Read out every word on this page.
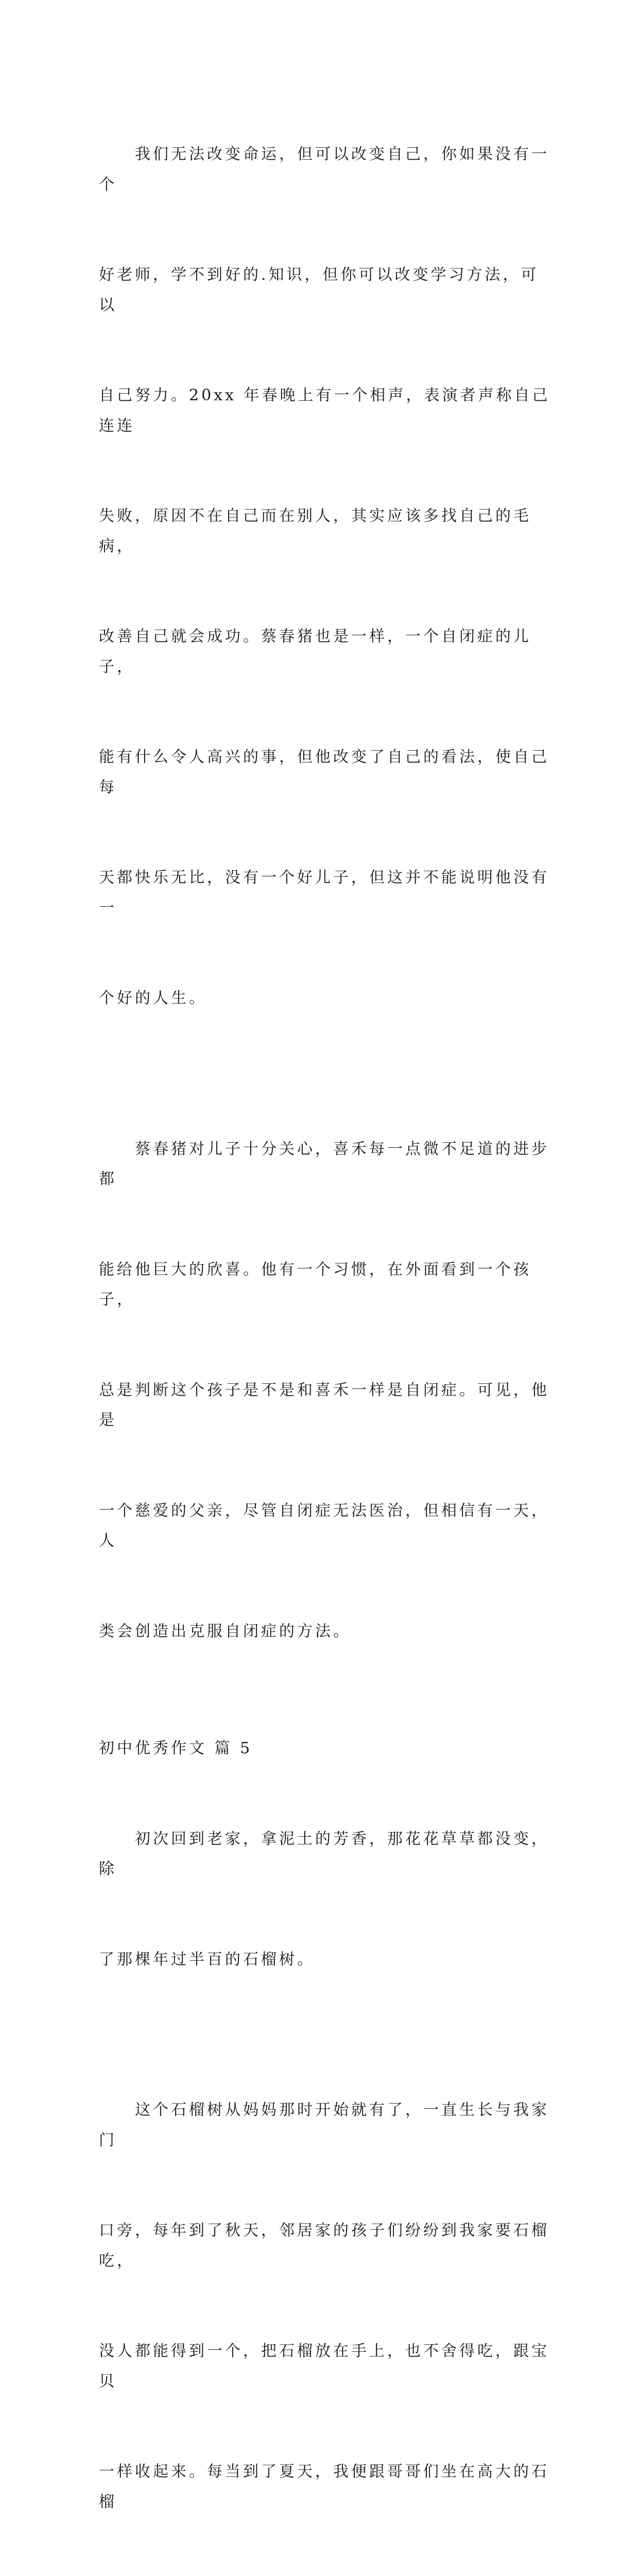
我们无法改变命运，但可以改变自己，你如果没有一个

好老师，学不到好的.知识，但你可以改变学习方法，可以

自己努力。20xx 年春晚上有一个相声，表演者声称自己连连

失败，原因不在自己而在别人，其实应该多找自己的毛病，

改善自己就会成功。蔡春猪也是一样，一个自闭症的儿子，

能有什么令人高兴的事，但他改变了自己的看法，使自己每

天都快乐无比，没有一个好儿子，但这并不能说明他没有一

个好的人生。

蔡春猪对儿子十分关心，喜禾每一点微不足道的进步都

能给他巨大的欣喜。他有一个习惯，在外面看到一个孩子，

总是判断这个孩子是不是和喜禾一样是自闭症。可见，他是

一个慈爱的父亲，尽管自闭症无法医治，但相信有一天，人

类会创造出克服自闭症的方法。

初中优秀作文 篇 5

初次回到老家，拿泥土的芳香，那花花草草都没变，除

了那棵年过半百的石榴树。

这个石榴树从妈妈那时开始就有了，一直生长与我家门

口旁，每年到了秋天，邻居家的孩子们纷纷到我家要石榴吃，

没人都能得到一个，把石榴放在手上，也不舍得吃，跟宝贝

一样收起来。每当到了夏天，我便跟哥哥们坐在高大的石榴
